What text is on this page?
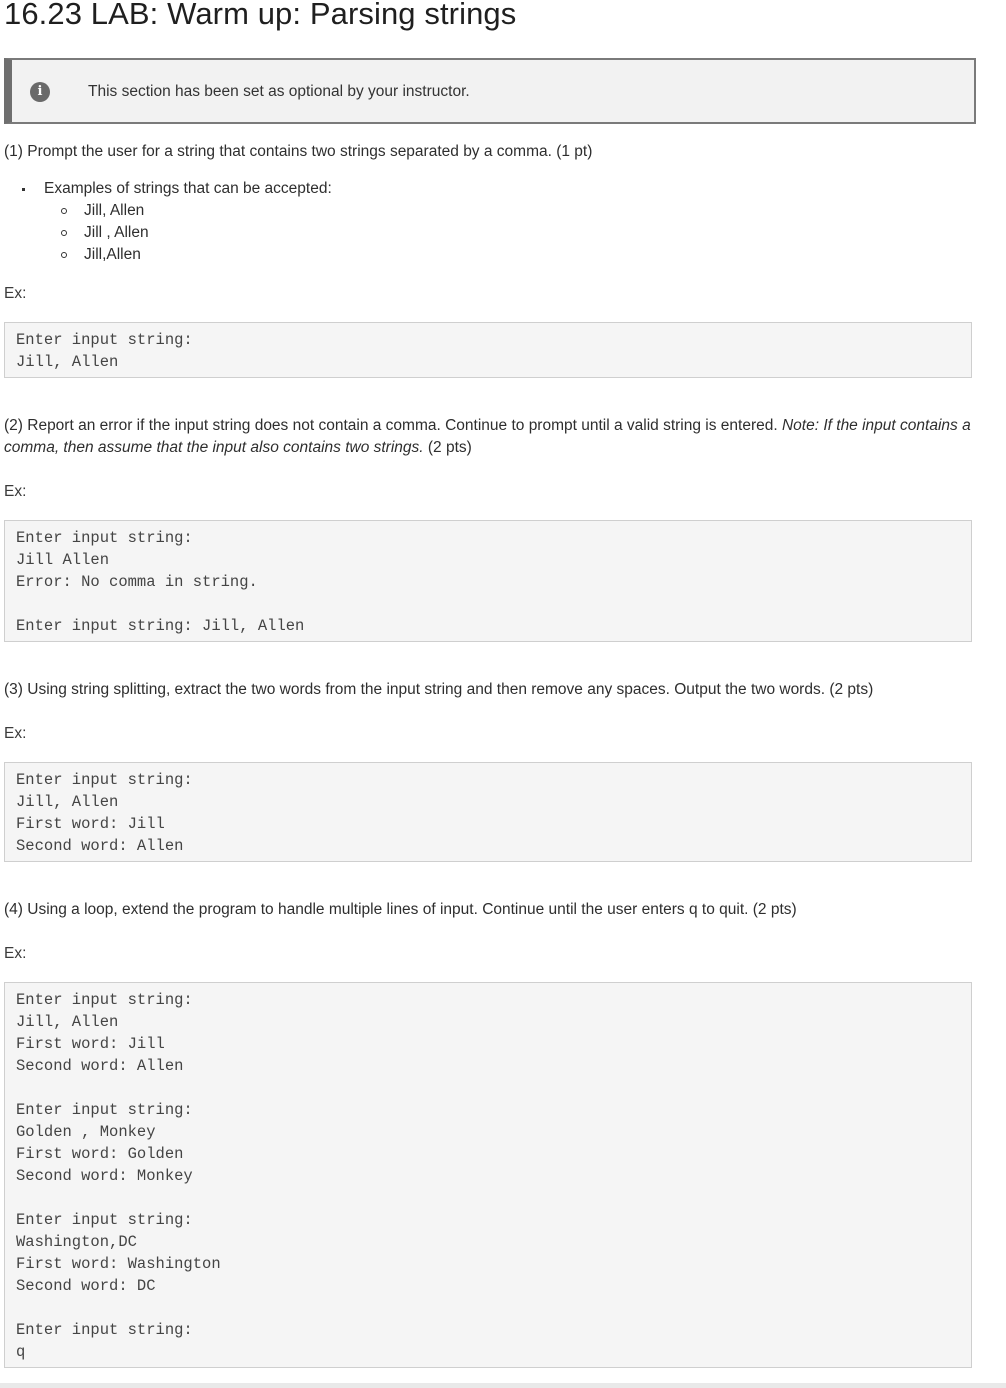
16.23 LAB: Warm up: Parsing strings
i	This section has been set as optional by your instructor.

(1) Prompt the user for a string that contains two strings separated by a comma. (1 pt)

Examples of strings that can be accepted:
Jill, Allen
Jill , Allen
Jill,Allen
Ex:
Enter input string:
Jill, Allen

(2) Report an error if the input string does not contain a comma. Continue to prompt until a valid string is entered. Note: If the input contains a comma, then assume that the input also contains two strings. (2 pts)

Ex:
Enter input string:
Jill Allen
Error: No comma in string.

Enter input string: Jill, Allen

(3) Using string splitting, extract the two words from the input string and then remove any spaces. Output the two words. (2 pts)

Ex:
Enter input string:
Jill, Allen
First word: Jill
Second word: Allen

(4) Using a loop, extend the program to handle multiple lines of input. Continue until the user enters q to quit. (2 pts)

Ex:
Enter input string:
Jill, Allen
First word: Jill
Second word: Allen

Enter input string:
Golden , Monkey
First word: Golden
Second word: Monkey

Enter input string:
Washington,DC
First word: Washington
Second word: DC

Enter input string:
q
